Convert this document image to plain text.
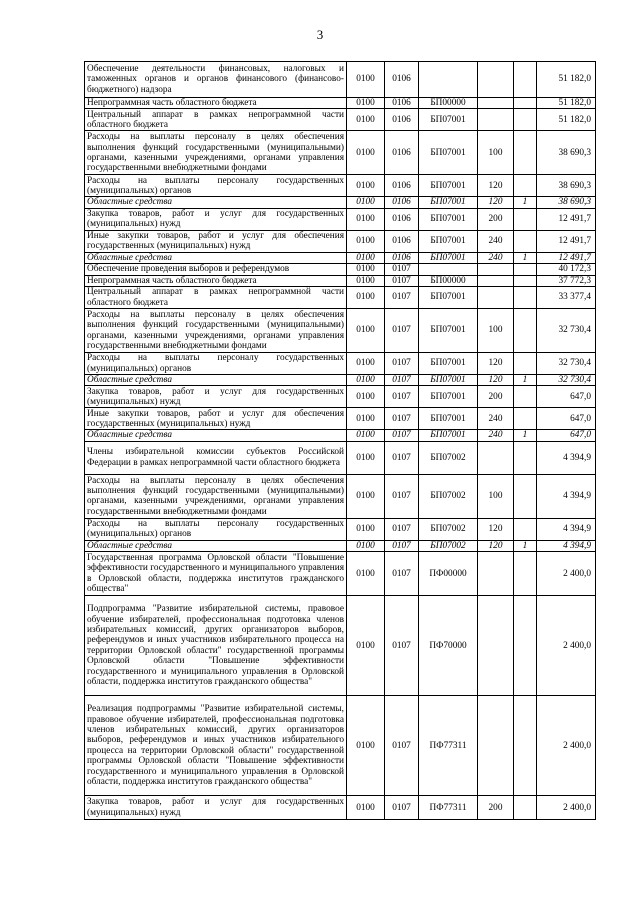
3
Обеспечение деятельности финансовых, налоговых и таможенных органов и органов финансового (финансово-бюджетного) надзора	0100	0106				51 182,0
Непрограммная часть областного бюджета	0100	0106	БП00000			51 182,0
Центральный аппарат в рамках непрограммной части областного бюджета	0100	0106	БП07001			51 182,0
Расходы на выплаты персоналу в целях обеспечения выполнения функций государственными (муниципальными) органами, казенными учреждениями, органами управления государственными внебюджетными фондами	0100	0106	БП07001	100		38 690,3
Расходы на выплаты персоналу государственных (муниципальных) органов	0100	0106	БП07001	120		38 690,3
Областные средства	0100	0106	БП07001	120	1	38 690,3
Закупка товаров, работ и услуг для государственных (муниципальных) нужд	0100	0106	БП07001	200		12 491,7
Иные закупки товаров, работ и услуг для обеспечения государственных (муниципальных) нужд	0100	0106	БП07001	240		12 491,7
Областные средства	0100	0106	БП07001	240	1	12 491,7
Обеспечение проведения выборов и референдумов	0100	0107				40 172,3
Непрограммная часть областного бюджета	0100	0107	БП00000			37 772,3
Центральный аппарат в рамках непрограммной части областного бюджета	0100	0107	БП07001			33 377,4
Расходы на выплаты персоналу в целях обеспечения выполнения функций государственными (муниципальными) органами, казенными учреждениями, органами управления государственными внебюджетными фондами	0100	0107	БП07001	100		32 730,4
Расходы на выплаты персоналу государственных (муниципальных) органов	0100	0107	БП07001	120		32 730,4
Областные средства	0100	0107	БП07001	120	1	32 730,4
Закупка товаров, работ и услуг для государственных (муниципальных) нужд	0100	0107	БП07001	200		647,0
Иные закупки товаров, работ и услуг для обеспечения государственных (муниципальных) нужд	0100	0107	БП07001	240		647,0
Областные средства	0100	0107	БП07001	240	1	647,0
Члены избирательной комиссии субъектов Российской Федерации в рамках непрограммной части областного бюджета	0100	0107	БП07002			4 394,9
Расходы на выплаты персоналу в целях обеспечения выполнения функций государственными (муниципальными) органами, казенными учреждениями, органами управления государственными внебюджетными фондами	0100	0107	БП07002	100		4 394,9
Расходы на выплаты персоналу государственных (муниципальных) органов	0100	0107	БП07002	120		4 394,9
Областные средства	0100	0107	БП07002	120	1	4 394,9
Государственная программа Орловской области "Повышение эффективности государственного и муниципального управления в Орловской области, поддержка институтов гражданского общества"	0100	0107	ПФ00000			2 400,0
Подпрограмма "Развитие избирательной системы, правовое обучение избирателей, профессиональная подготовка членов избирательных комиссий, других организаторов выборов, референдумов и иных участников избирательного процесса на территории Орловской области" государственной программы Орловской области "Повышение эффективности государственного и муниципального управления в Орловской области, поддержка институтов гражданского общества"	0100	0107	ПФ70000			2 400,0
Реализация подпрограммы "Развитие избирательной системы, правовое обучение избирателей, профессиональная подготовка членов избирательных комиссий, других организаторов выборов, референдумов и иных участников избирательного процесса на территории Орловской области" государственной программы Орловской области "Повышение эффективности государственного и муниципального управления в Орловской области, поддержка институтов гражданского общества"	0100	0107	ПФ77311			2 400,0
Закупка товаров, работ и услуг для государственных (муниципальных) нужд	0100	0107	ПФ77311	200		2 400,0
